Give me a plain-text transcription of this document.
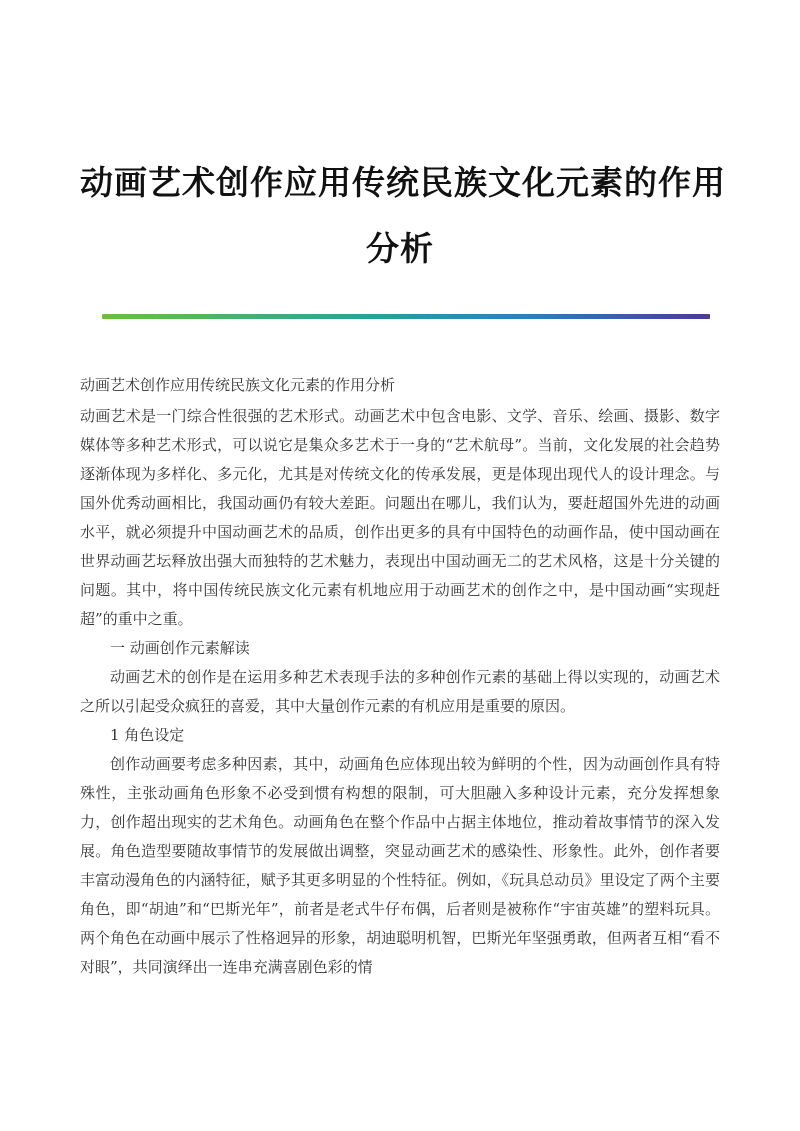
动画艺术创作应用传统民族文化元素的作用
分析

动画艺术创作应用传统民族文化元素的作用分析

动画艺术是一门综合性很强的艺术形式。动画艺术中包含电影、文学、音乐、绘画、摄影、数字媒体等多种艺术形式，可以说它是集众多艺术于一身的“艺术航母”。当前，文化发展的社会趋势逐渐体现为多样化、多元化，尤其是对传统文化的传承发展，更是体现出现代人的设计理念。与国外优秀动画相比，我国动画仍有较大差距。问题出在哪儿，我们认为，要赶超国外先进的动画水平，就必须提升中国动画艺术的品质，创作出更多的具有中国特色的动画作品，使中国动画在世界动画艺坛释放出强大而独特的艺术魅力，表现出中国动画无二的艺术风格，这是十分关键的问题。其中，将中国传统民族文化元素有机地应用于动画艺术的创作之中，是中国动画“实现赶超”的重中之重。

一 动画创作元素解读

动画艺术的创作是在运用多种艺术表现手法的多种创作元素的基础上得以实现的，动画艺术之所以引起受众疯狂的喜爱，其中大量创作元素的有机应用是重要的原因。

1 角色设定

创作动画要考虑多种因素，其中，动画角色应体现出较为鲜明的个性，因为动画创作具有特殊性，主张动画角色形象不必受到惯有构想的限制，可大胆融入多种设计元素，充分发挥想象力，创作超出现实的艺术角色。动画角色在整个作品中占据主体地位，推动着故事情节的深入发展。角色造型要随故事情节的发展做出调整，突显动画艺术的感染性、形象性。此外，创作者要丰富动漫角色的内涵特征，赋予其更多明显的个性特征。例如，《玩具总动员》里设定了两个主要角色，即“胡迪”和“巴斯光年”，前者是老式牛仔布偶，后者则是被称作“宇宙英雄”的塑料玩具。两个角色在动画中展示了性格迥异的形象，胡迪聪明机智，巴斯光年坚强勇敢，但两者互相“看不对眼”，共同演绎出一连串充满喜剧色彩的情
